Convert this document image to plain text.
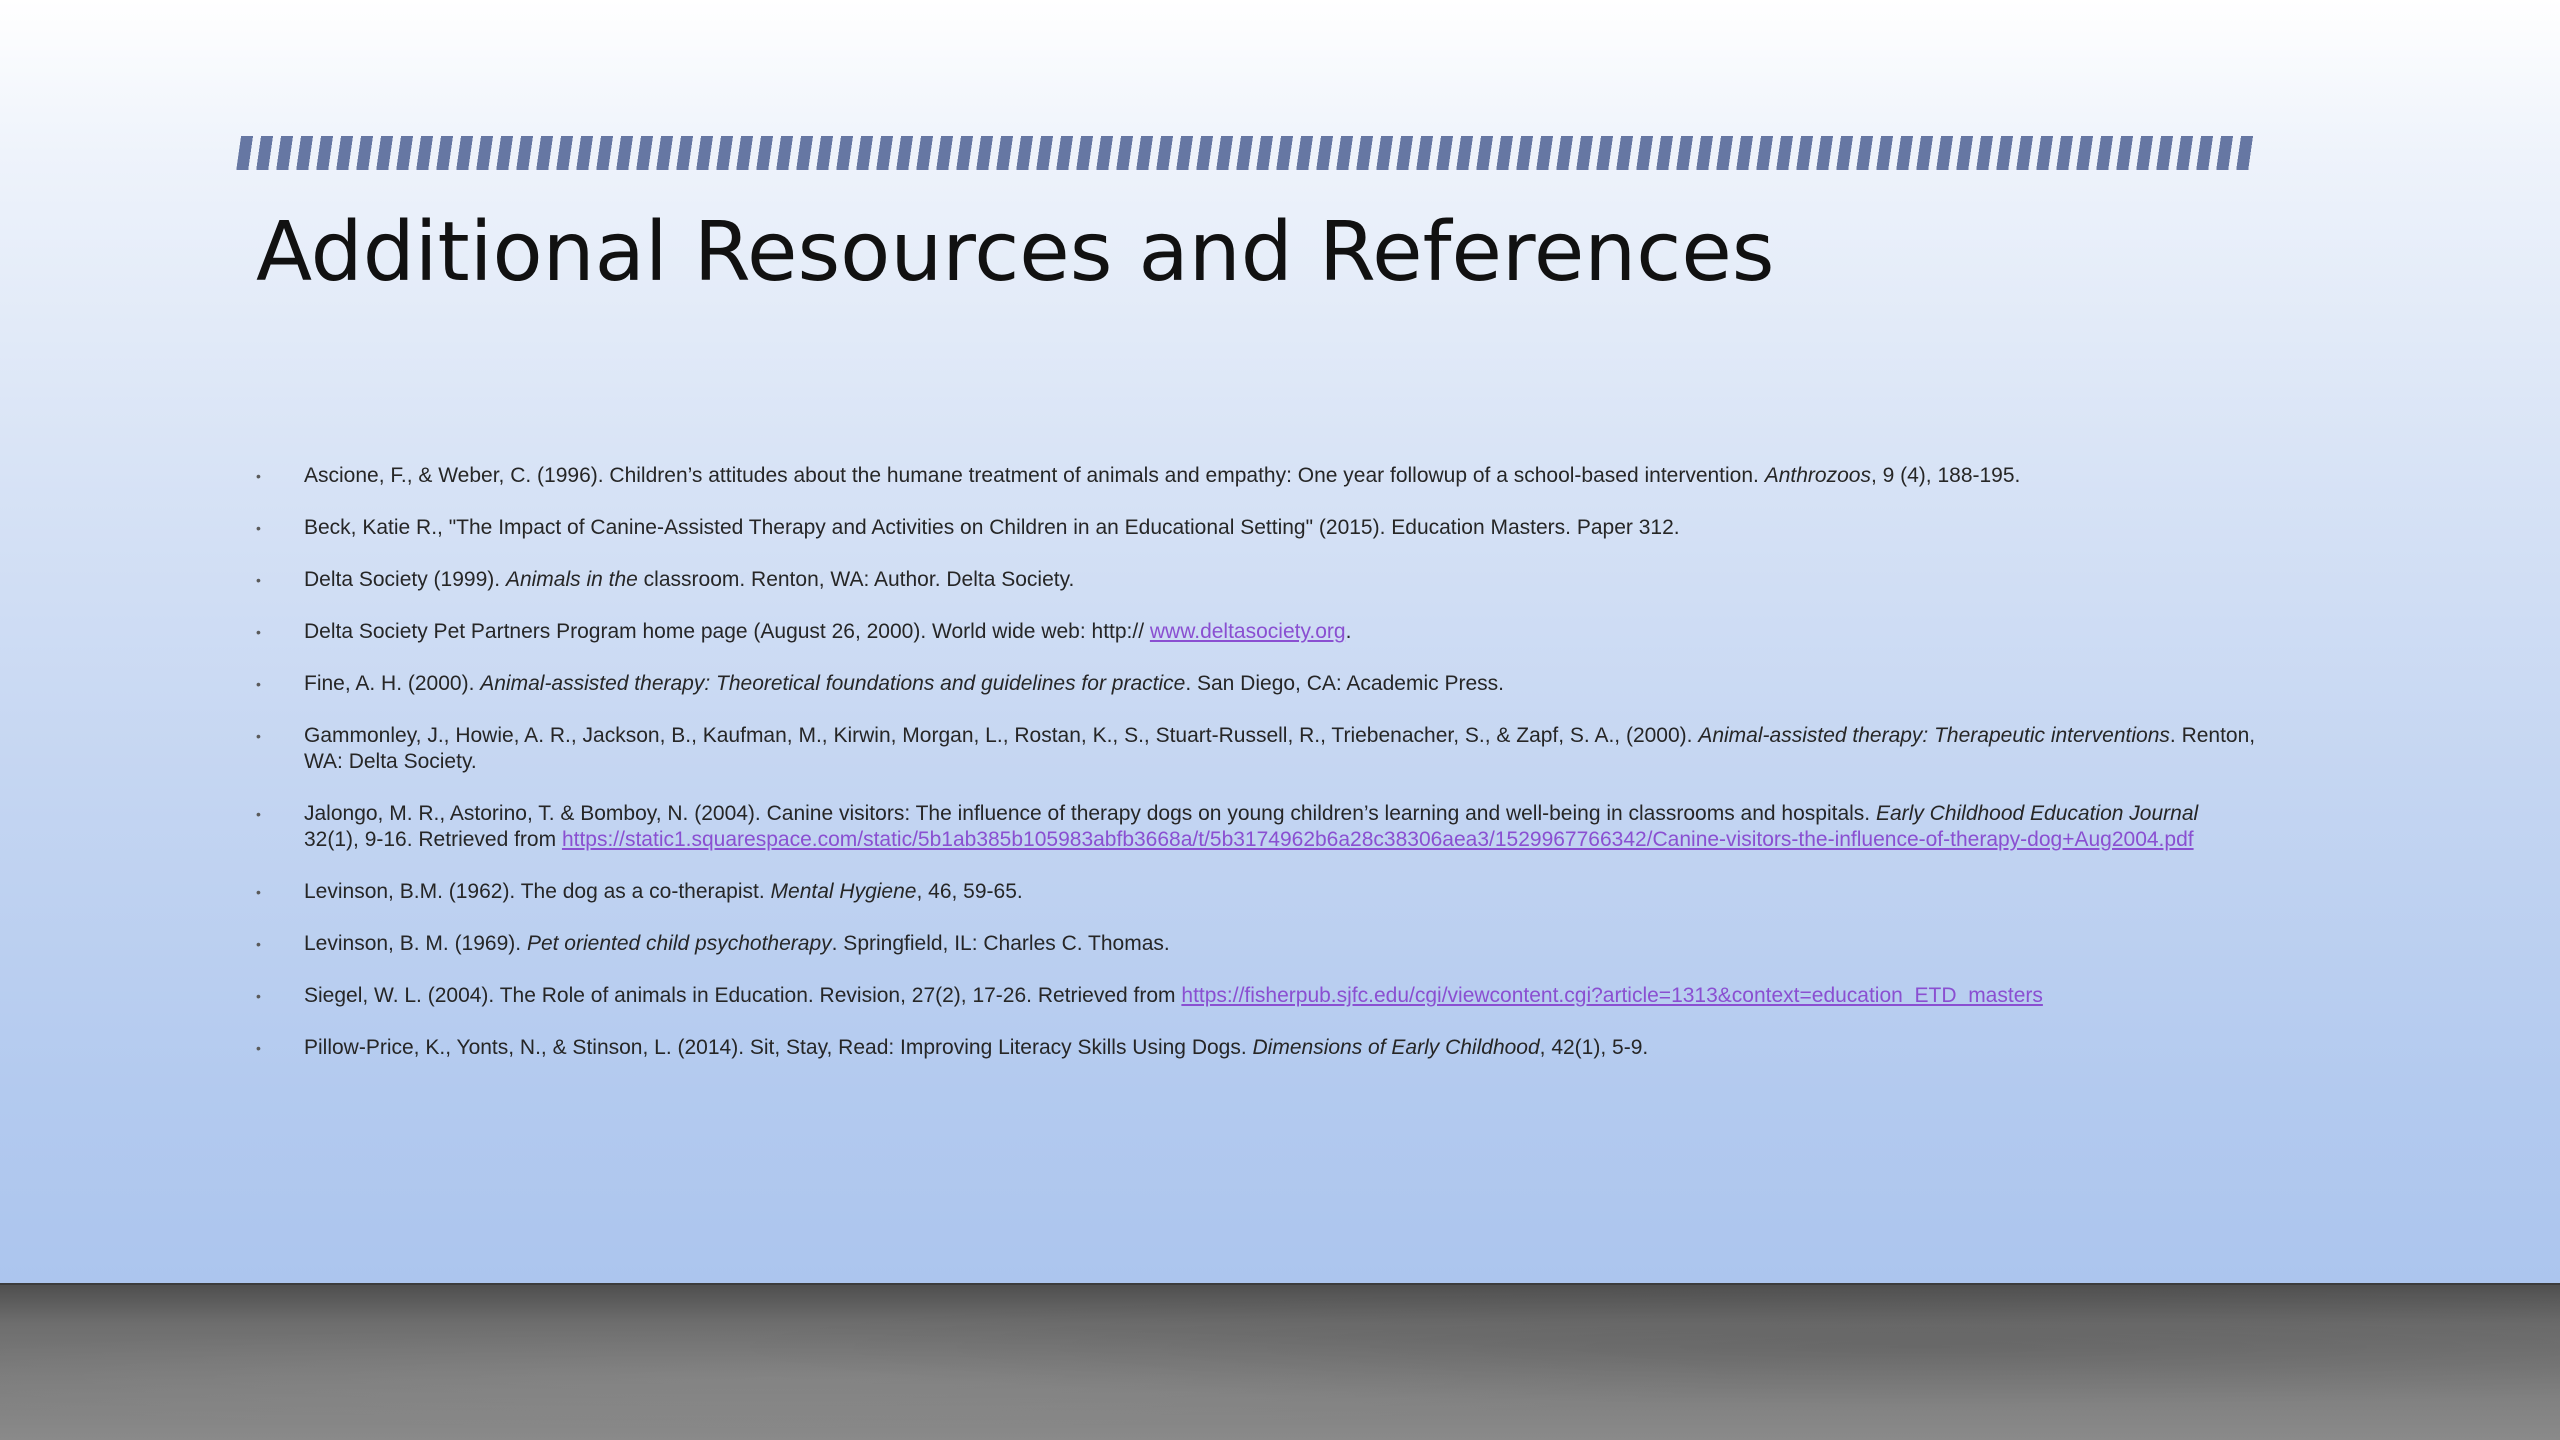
Additional Resources and References
• Ascione, F., & Weber, C. (1996). Children’s attitudes about the humane treatment of animals and empathy: One year followup of a school-based intervention. Anthrozoos, 9 (4), 188-195.
• Beck, Katie R., "The Impact of Canine-Assisted Therapy and Activities on Children in an Educational Setting" (2015). Education Masters. Paper 312.
• Delta Society (1999). Animals in the classroom. Renton, WA: Author. Delta Society.
• Delta Society Pet Partners Program home page (August 26, 2000). World wide web: http:// www.deltasociety.org.
• Fine, A. H. (2000). Animal-assisted therapy: Theoretical foundations and guidelines for practice. San Diego, CA: Academic Press.
• Gammonley, J., Howie, A. R., Jackson, B., Kaufman, M., Kirwin, Morgan, L., Rostan, K., S., Stuart-Russell, R., Triebenacher, S., & Zapf, S. A., (2000). Animal-assisted therapy: Therapeutic interventions. Renton, WA: Delta Society.
• Jalongo, M. R., Astorino, T. & Bomboy, N. (2004). Canine visitors: The influence of therapy dogs on young children’s learning and well-being in classrooms and hospitals. Early Childhood Education Journal 32(1), 9-16. Retrieved from https://static1.squarespace.com/static/5b1ab385b105983abfb3668a/t/5b3174962b6a28c38306aea3/1529967766342/Canine-visitors-the-influence-of-therapy-dog+Aug2004.pdf
• Levinson, B.M. (1962). The dog as a co-therapist. Mental Hygiene, 46, 59-65.
• Levinson, B. M. (1969). Pet oriented child psychotherapy. Springfield, IL: Charles C. Thomas.
• Siegel, W. L. (2004). The Role of animals in Education. Revision, 27(2), 17-26. Retrieved from https://fisherpub.sjfc.edu/cgi/viewcontent.cgi?article=1313&context=education_ETD_masters
• Pillow-Price, K., Yonts, N., & Stinson, L. (2014). Sit, Stay, Read: Improving Literacy Skills Using Dogs. Dimensions of Early Childhood, 42(1), 5-9.
